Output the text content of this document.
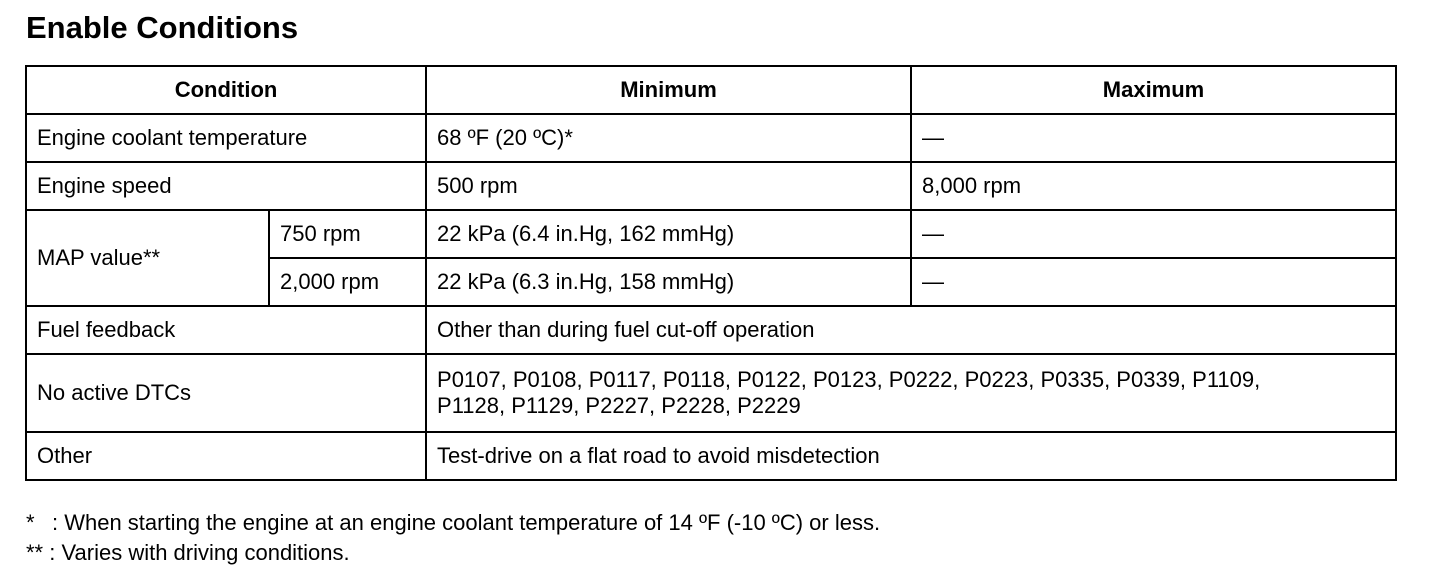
Enable Conditions
Condition		Minimum	Maximum
Engine coolant temperature		68 ºF (20 ºC)*	—
Engine speed		500 rpm	8,000 rpm
MAP value**	750 rpm	22 kPa (6.4 in.Hg, 162 mmHg)	—
	2,000 rpm	22 kPa (6.3 in.Hg, 158 mmHg)	—
Fuel feedback		Other than during fuel cut-off operation	
No active DTCs		P0107, P0108, P0117, P0118, P0122, P0123, P0222, P0223, P0335, P0339, P1109,
P1128, P1129, P2227, P2228, P2229	

Other		Test-drive on a flat road to avoid misdetection	
* : When starting the engine at an engine coolant temperature of 14 ºF (-10 ºC) or less.
** : Varies with driving conditions.
